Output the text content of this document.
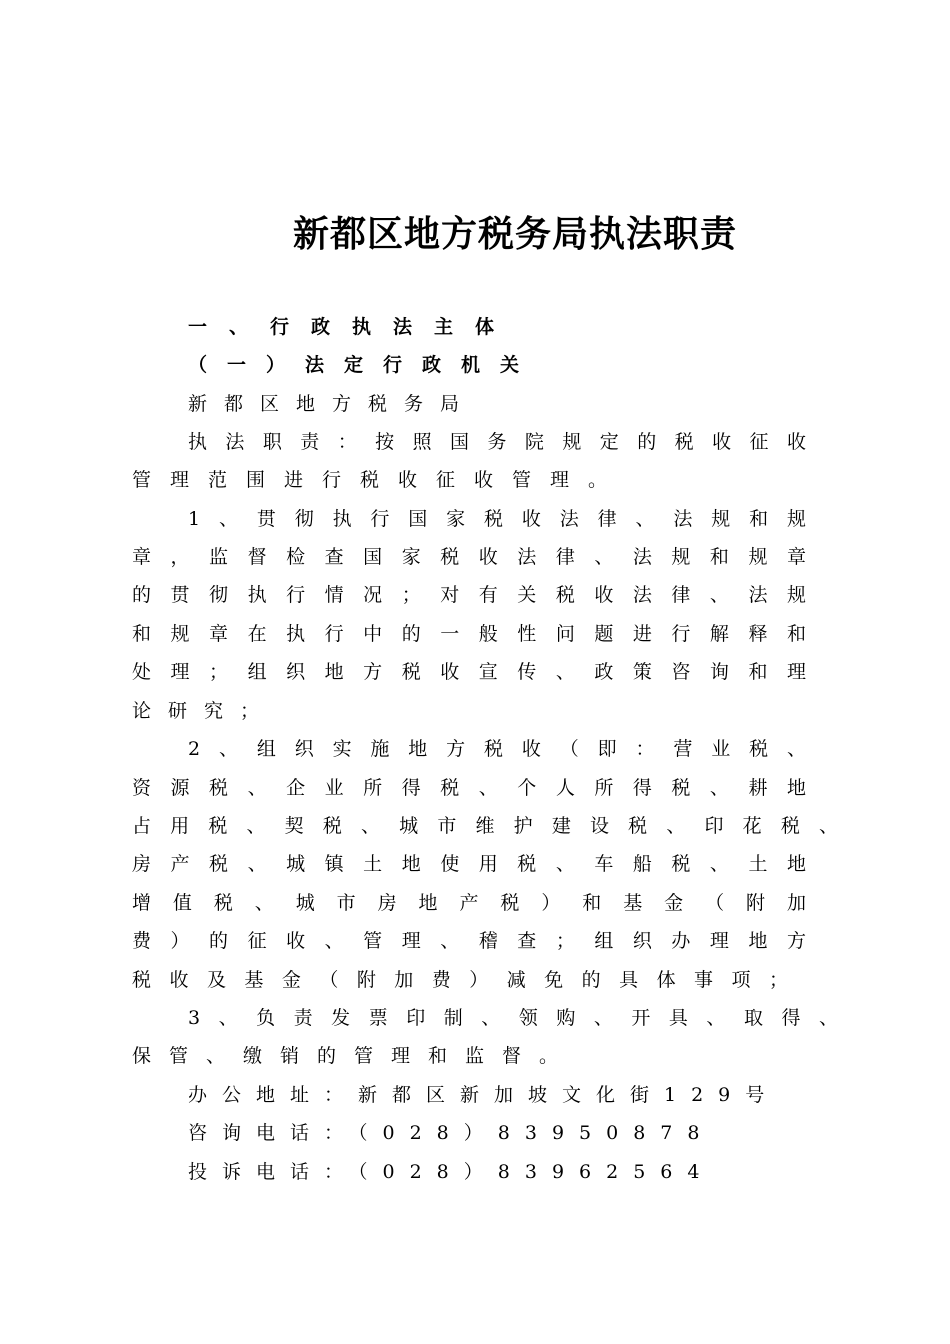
新都区地方税务局执法职责
一、行政执法主体
（一）法定行政机关
新都区地方税务局
执法职责：按照国务院规定的税收征收
管理范围进行税收征收管理。
1、贯彻执行国家税收法律、法规和规
章，监督检查国家税收法律、法规和规章
的贯彻执行情况；对有关税收法律、法规
和规章在执行中的一般性问题进行解释和
处理；组织地方税收宣传、政策咨询和理
论研究；
2、组织实施地方税收（即：营业税、
资源税、企业所得税、个人所得税、耕地
占用税、契税、城市维护建设税、印花税、
房产税、城镇土地使用税、车船税、土地
增值税、城市房地产税）和基金（附加
费）的征收、管理、稽查；组织办理地方
税收及基金（附加费）减免的具体事项；
3、负责发票印制、领购、开具、取得、
保管、缴销的管理和监督。
办公地址：新都区新加坡文化街129号
咨询电话：（028）83950878
投诉电话：（028）83962564
